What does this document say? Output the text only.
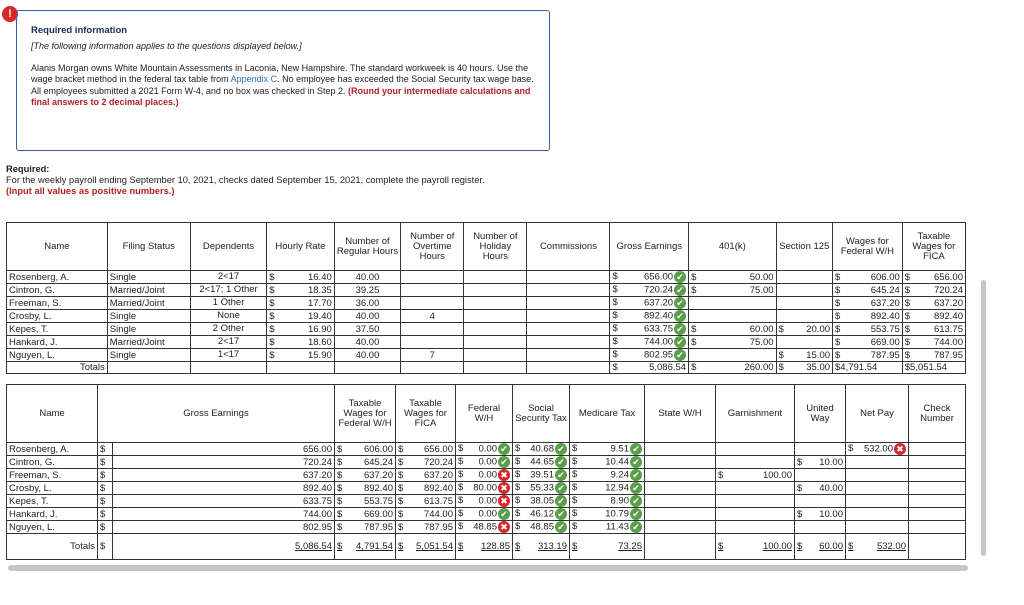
!

Required information

[The following information applies to the questions displayed below.]

Alanis Morgan owns White Mountain Assessments in Laconia, New Hampshire. The standard workweek is 40 hours. Use the wage bracket method in the federal tax table from Appendix C. No employee has exceeded the Social Security tax wage base. All employees submitted a 2021 Form W-4, and no box was checked in Step 2. (Round your intermediate calculations and final answers to 2 decimal places.)

Required:
For the weekly payroll ending September 10, 2021, checks dated September 15, 2021, complete the payroll register.
(Input all values as positive numbers.)
Name	Filing Status	Dependents	Hourly Rate	Number of Regular Hours	Number of Overtime Hours	Number of Holiday Hours	Commissions	Gross Earnings	401(k)	Section 125	Wages for Federal W/H	Taxable Wages for FICA
Rosenberg, A.	Single	2<17	$ 16.40	40.00				$ 656.00 ✔	$ 50.00		$ 606.00	$ 656.00

Cintron, G.	Married/Joint	2<17; 1 Other	$ 18.35	39.25				$ 720.24 ✔	$ 75.00		$ 645.24	$ 720.24

Freeman, S.	Married/Joint	1 Other	$ 17.70	36.00				$ 637.20 ✔			$ 637.20	$ 637.20

Crosby, L.	Single	None	$ 19.40	40.00	4			$ 892.40 ✔			$ 892.40	$ 892.40

Kepes, T.	Single	2 Other	$ 16.90	37.50				$ 633.75 ✔	$ 60.00	$ 20.00	$ 553.75	$ 613.75

Hankard, J.	Married/Joint	2<17	$ 18.60	40.00				$ 744.00 ✔	$ 75.00		$ 669.00	$ 744.00

Nguyen, L.	Single	1<17	$ 15.90	40.00	7			$ 802.95 ✔		$ 15.00	$ 787.95	$ 787.95

Totals								$ 5,086.54	$ 260.00	$ 35.00	$4,791.54	$5,051.54
Name	Gross Earnings		Taxable Wages for Federal W/H	Taxable Wages for FICA	Federal W/H	Social Security Tax	Medicare Tax	State W/H	Garnishment	United Way	Net Pay	Check Number
Rosenberg, A.	$	656.00	$ 606.00	$ 656.00	$ 0.00 ✔	$ 40.68 ✔	$ 9.51 ✔				$ 532.00 ✖	

Cintron, G.	$	720.24	$ 645.24	$ 720.24	$ 0.00 ✔	$ 44.65 ✔	$ 10.44 ✔			$ 10.00		

Freeman, S.	$	637.20	$ 637.20	$ 637.20	$ 0.00 ✖	$ 39.51 ✔	$ 9.24 ✔		$ 100.00			

Crosby, L.	$	892.40	$ 892.40	$ 892.40	$ 80.00 ✖	$ 55.33 ✔	$ 12.94 ✔			$ 40.00		

Kepes, T.	$	633.75	$ 553.75	$ 613.75	$ 0.00 ✖	$ 38.05 ✔	$ 8.90 ✔					

Hankard, J.	$	744.00	$ 669.00	$ 744.00	$ 0.00 ✔	$ 46.12 ✔	$ 10.79 ✔			$ 10.00		

Nguyen, L.	$	802.95	$ 787.95	$ 787.95	$ 48.85 ✖	$ 48.85 ✔	$ 11.43 ✔					

Totals	$	5,086.54	$ 4,791.54	$ 5,051.54	$ 128.85	$ 313.19	$ 73.25		$ 100.00	$ 60.00	$ 532.00	
